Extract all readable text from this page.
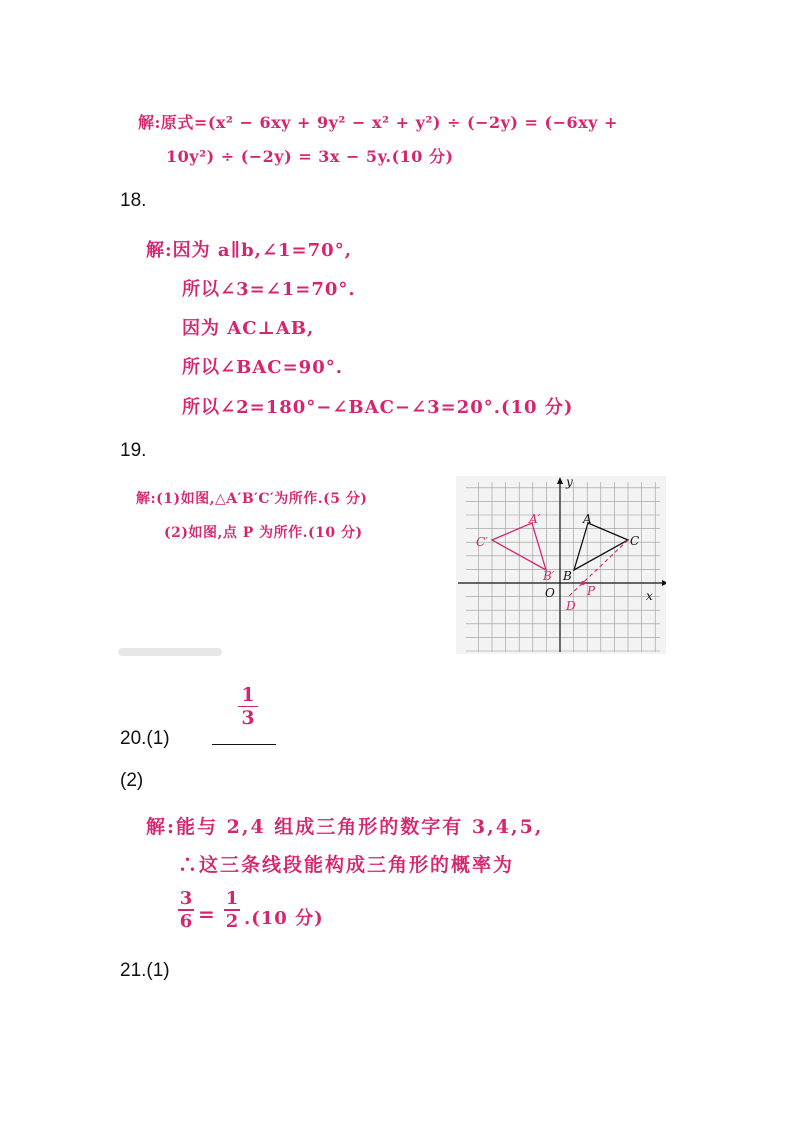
解:原式=(x² − 6xy + 9y² − x² + y²) ÷ (−2y) = (−6xy +
10y²) ÷ (−2y) = 3x − 5y.(10 分)
18.
解:因为 a∥b,∠1=70°,
所以∠3=∠1=70°.
因为 AC⊥AB,
所以∠BAC=90°.
所以∠2=180°−∠BAC−∠3=20°.(10 分)
19.
解:(1)如图,△A′B′C′为所作.(5 分)
(2)如图,点 P 为所作.(10 分)
x
y
O
A
B
C
A′
B′
C′
D
P
20.(1)
1
3
(2)
解:能与 2,4 组成三角形的数字有 3,4,5,
∴这三条线段能构成三角形的概率为
3
6 =
1
2 .(10 分)
21.(1)
